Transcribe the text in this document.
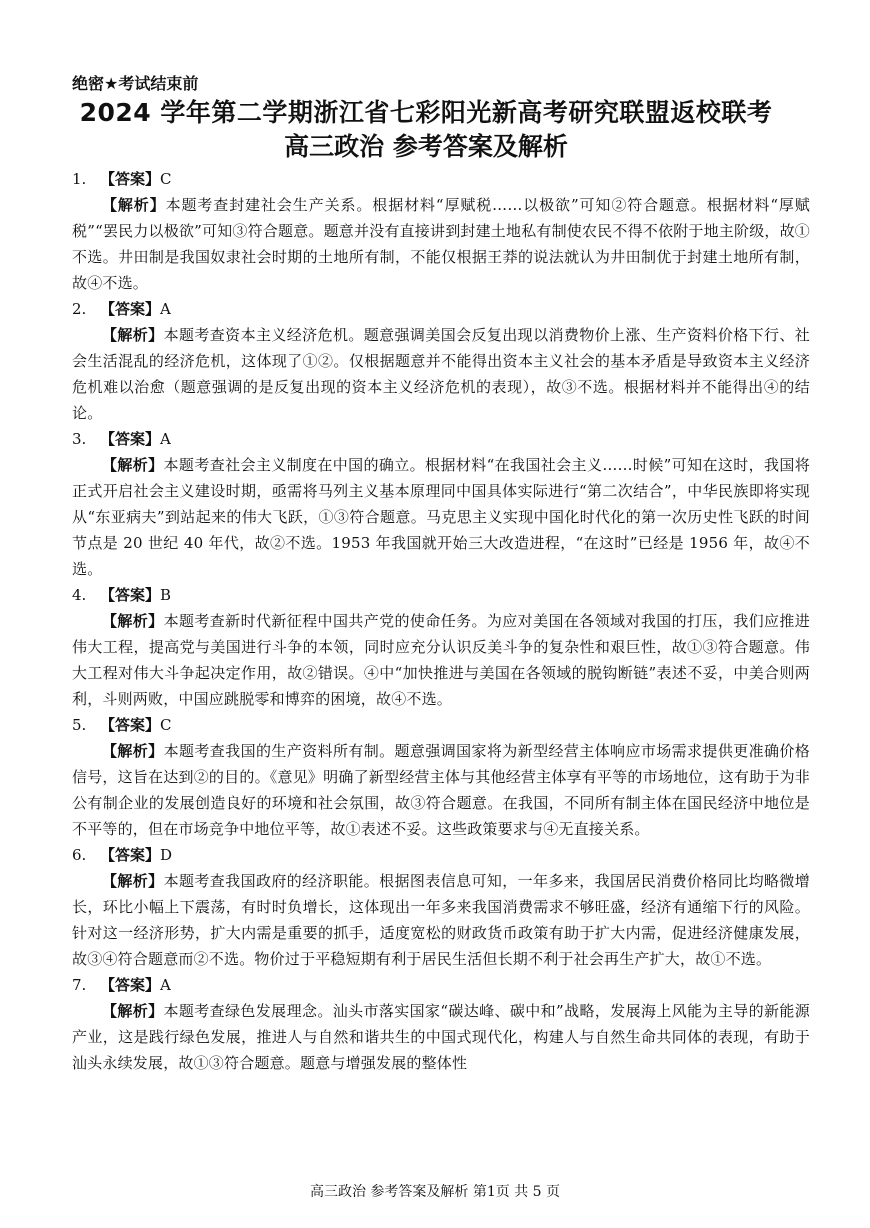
绝密★考试结束前

2024 学年第二学期浙江省七彩阳光新高考研究联盟返校联考
高三政治 参考答案及解析

1. 【答案】C

【解析】本题考查封建社会生产关系。根据材料“厚赋税……以极欲”可知②符合题意。根据材料“厚赋税”“罢民力以极欲”可知③符合题意。题意并没有直接讲到封建土地私有制使农民不得不依附于地主阶级，故①不选。井田制是我国奴隶社会时期的土地所有制，不能仅根据王莽的说法就认为井田制优于封建土地所有制，故④不选。

2. 【答案】A

【解析】本题考查资本主义经济危机。题意强调美国会反复出现以消费物价上涨、生产资料价格下行、社会生活混乱的经济危机，这体现了①②。仅根据题意并不能得出资本主义社会的基本矛盾是导致资本主义经济危机难以治愈（题意强调的是反复出现的资本主义经济危机的表现），故③不选。根据材料并不能得出④的结论。

3. 【答案】A

【解析】本题考查社会主义制度在中国的确立。根据材料“在我国社会主义……时候”可知在这时，我国将正式开启社会主义建设时期，亟需将马列主义基本原理同中国具体实际进行“第二次结合”，中华民族即将实现从“东亚病夫”到站起来的伟大飞跃，①③符合题意。马克思主义实现中国化时代化的第一次历史性飞跃的时间节点是 20 世纪 40 年代，故②不选。1953 年我国就开始三大改造进程，“在这时”已经是 1956 年，故④不选。

4. 【答案】B

【解析】本题考查新时代新征程中国共产党的使命任务。为应对美国在各领域对我国的打压，我们应推进伟大工程，提高党与美国进行斗争的本领，同时应充分认识反美斗争的复杂性和艰巨性，故①③符合题意。伟大工程对伟大斗争起决定作用，故②错误。④中“加快推进与美国在各领域的脱钩断链”表述不妥，中美合则两利，斗则两败，中国应跳脱零和博弈的困境，故④不选。

5. 【答案】C

【解析】本题考查我国的生产资料所有制。题意强调国家将为新型经营主体响应市场需求提供更准确价格信号，这旨在达到②的目的。《意见》明确了新型经营主体与其他经营主体享有平等的市场地位，这有助于为非公有制企业的发展创造良好的环境和社会氛围，故③符合题意。在我国，不同所有制主体在国民经济中地位是不平等的，但在市场竞争中地位平等，故①表述不妥。这些政策要求与④无直接关系。

6. 【答案】D

【解析】本题考查我国政府的经济职能。根据图表信息可知，一年多来，我国居民消费价格同比均略微增长，环比小幅上下震荡，有时时负增长，这体现出一年多来我国消费需求不够旺盛，经济有通缩下行的风险。针对这一经济形势，扩大内需是重要的抓手，适度宽松的财政货币政策有助于扩大内需，促进经济健康发展，故③④符合题意而②不选。物价过于平稳短期有利于居民生活但长期不利于社会再生产扩大，故①不选。

7. 【答案】A

【解析】本题考查绿色发展理念。汕头市落实国家“碳达峰、碳中和”战略，发展海上风能为主导的新能源产业，这是践行绿色发展，推进人与自然和谐共生的中国式现代化，构建人与自然生命共同体的表现，有助于汕头永续发展，故①③符合题意。题意与增强发展的整体性

高三政治 参考答案及解析 第1页 共 5 页
